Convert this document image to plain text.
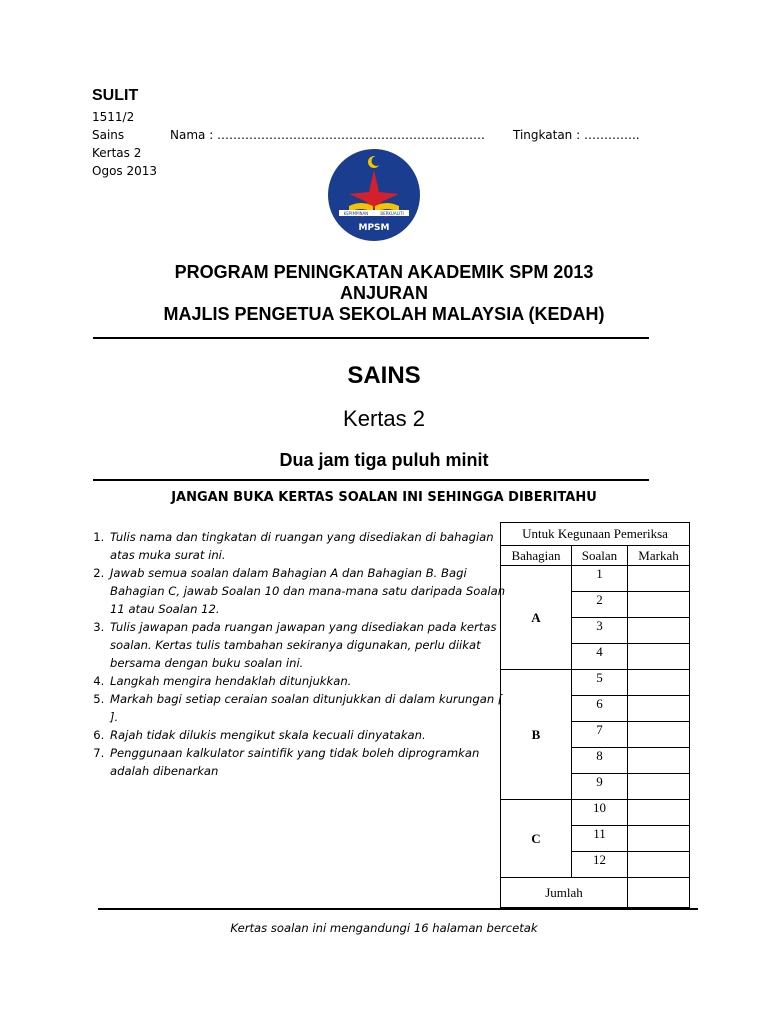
SULIT
1511/2
Sains	Nama : …………………………………………………………. Tingkatan : …………..
Kertas 2
Ogos 2013
KEPIMPINAN	BERKUALITI
MPSM
PROGRAM PENINGKATAN AKADEMIK SPM 2013
ANJURAN
MAJLIS PENGETUA SEKOLAH MALAYSIA (KEDAH)
SAINS
Kertas 2
Dua jam tiga puluh minit
JANGAN BUKA KERTAS SOALAN INI SEHINGGA DIBERITAHU
1. Tulis nama dan tingkatan di ruangan yang disediakan di bahagian atas muka surat ini.
2. Jawab semua soalan dalam Bahagian A dan Bahagian B. Bagi Bahagian C, jawab Soalan 10 dan mana-mana satu daripada Soalan 11 atau Soalan 12.
3. Tulis jawapan pada ruangan jawapan yang disediakan pada kertas soalan. Kertas tulis tambahan sekiranya digunakan, perlu diikat bersama dengan buku soalan ini.
4. Langkah mengira hendaklah ditunjukkan.
5. Markah bagi setiap ceraian soalan ditunjukkan di dalam kurungan [ ].
6. Rajah tidak dilukis mengikut skala kecuali dinyatakan.
7. Penggunaan kalkulator saintifik yang tidak boleh diprogramkan adalah dibenarkan
Untuk Kegunaan Pemeriksa		
Bahagian	Soalan	Markah
A	1	
	2	
	3	
	4	
B	5	
	6	
	7	
	8	
	9	
C	10	
	11	
	12	
Jumlah		
Kertas soalan ini mengandungi 16 halaman bercetak
